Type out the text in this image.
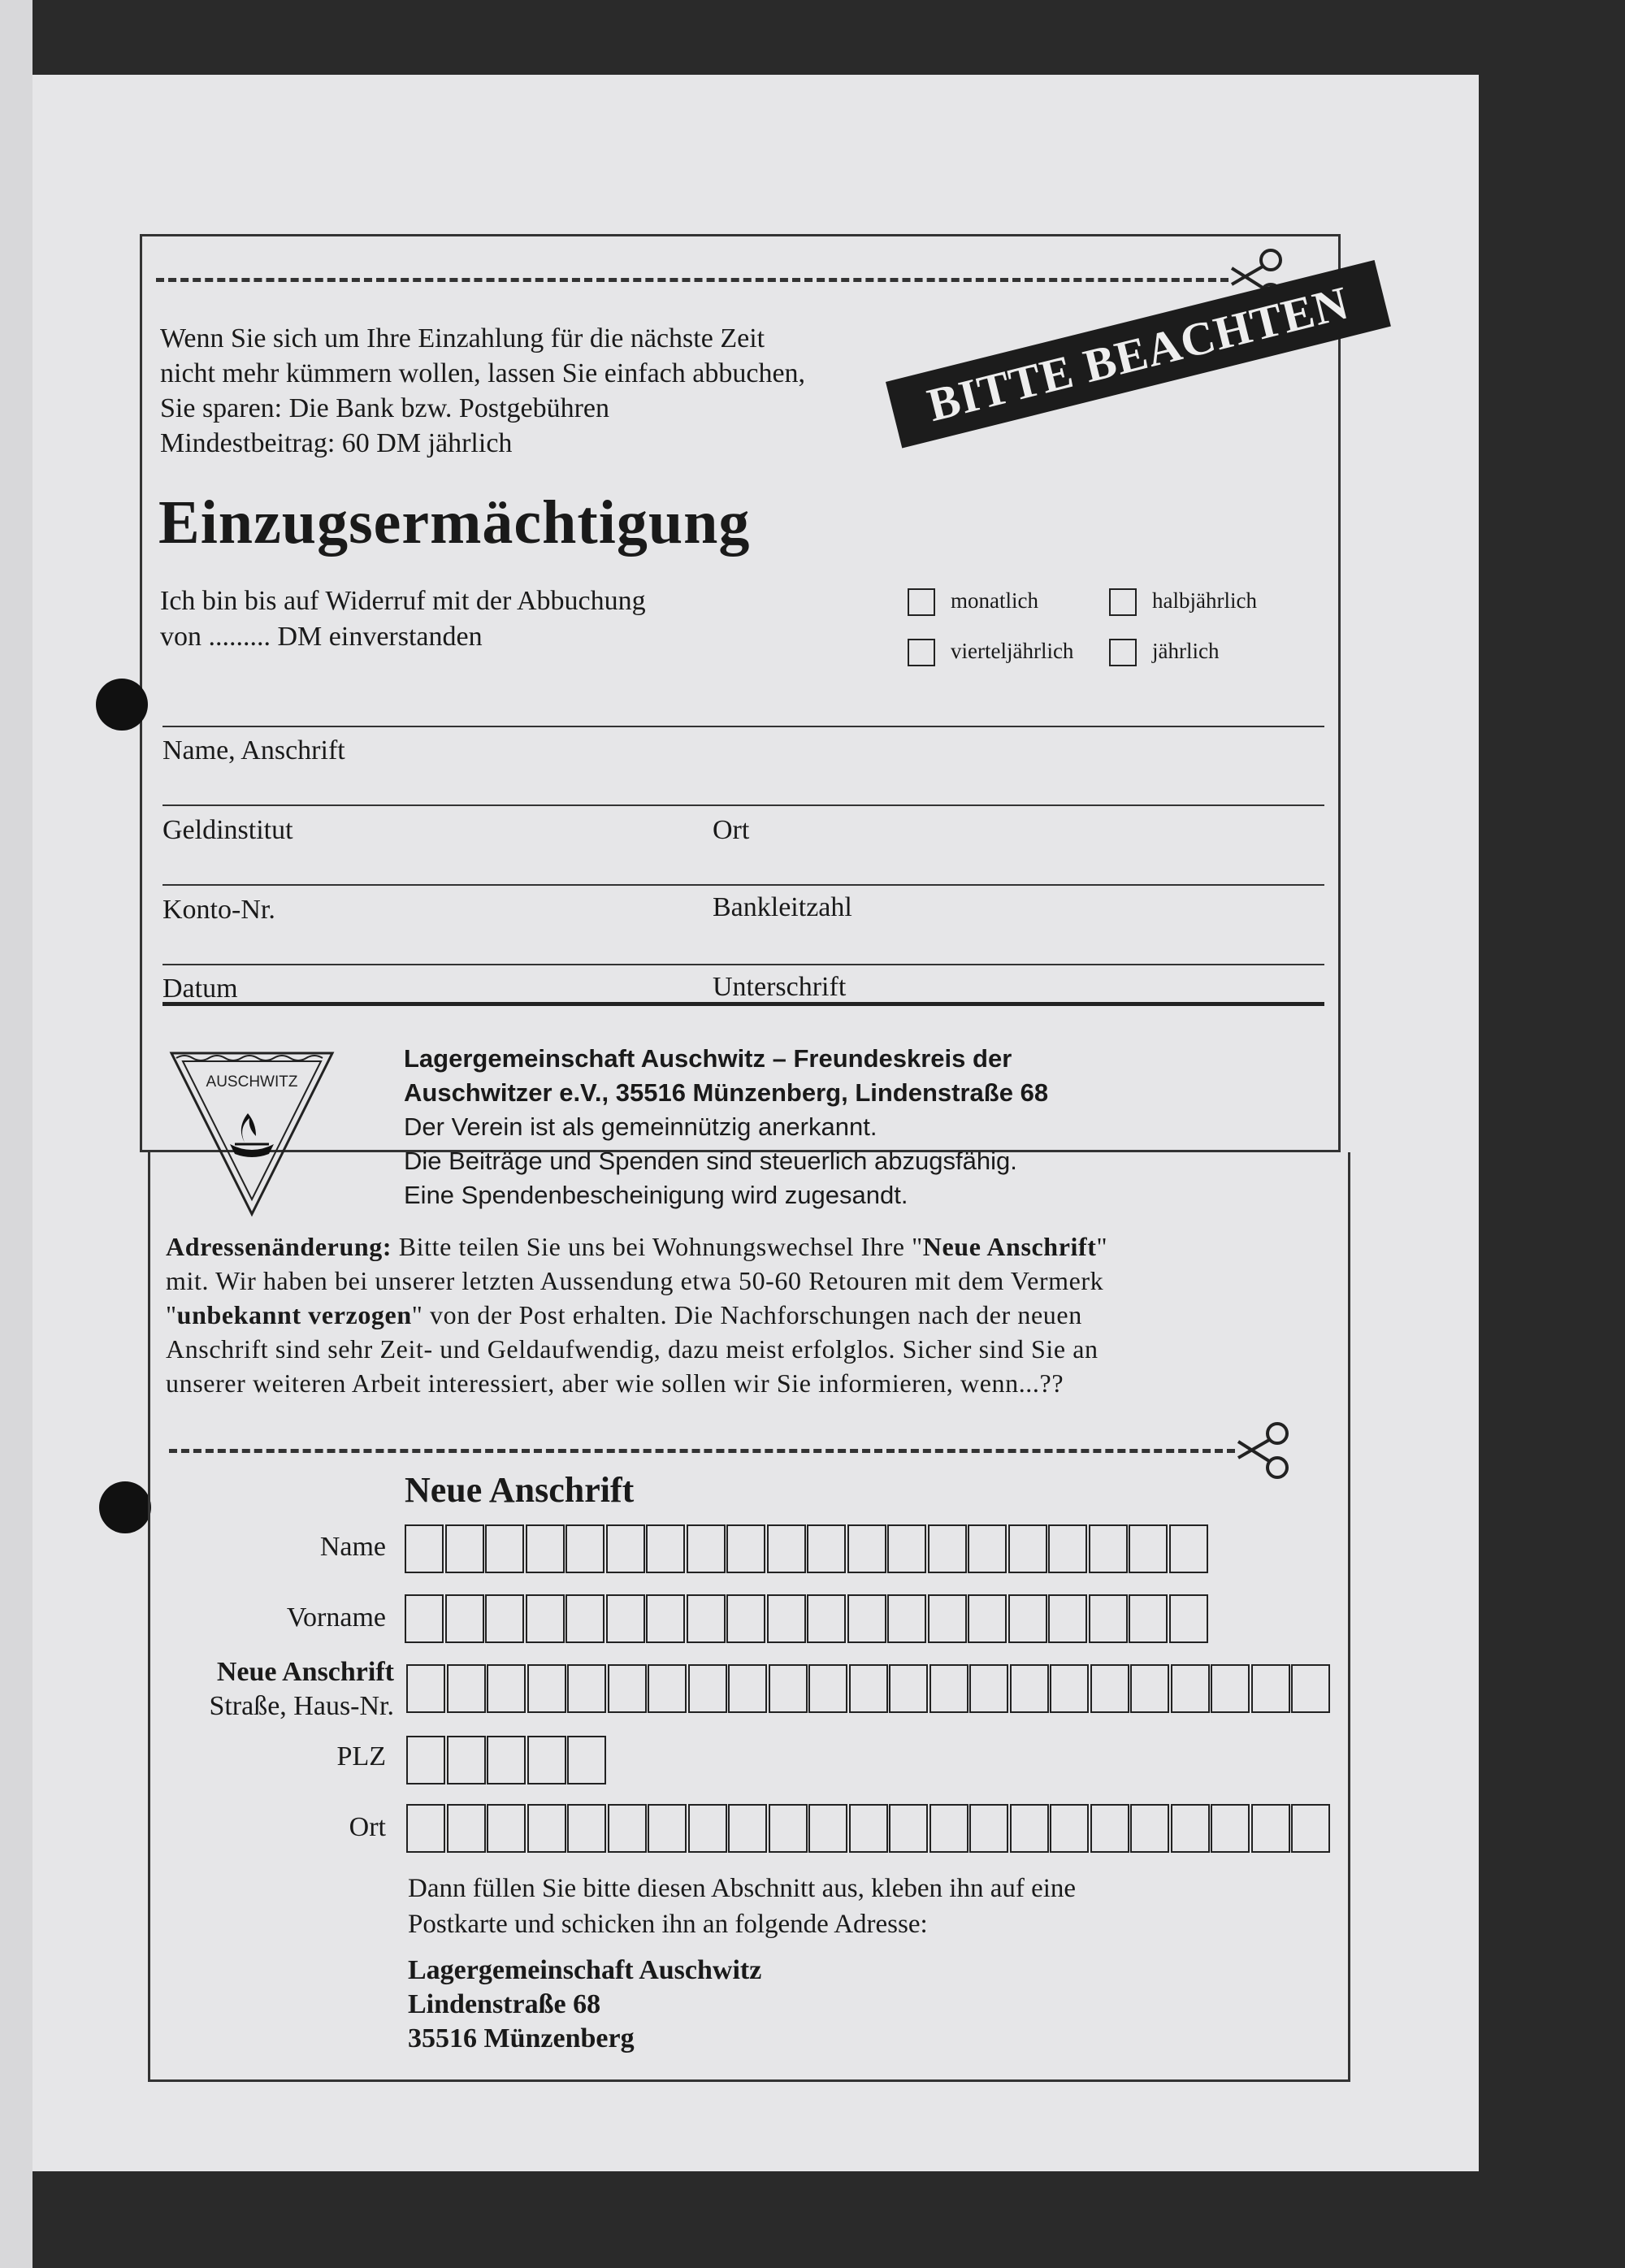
Wenn Sie sich um Ihre Einzahlung für die nächste Zeit
nicht mehr kümmern wollen, lassen Sie einfach abbuchen,
Sie sparen: Die Bank bzw. Postgebühren
Mindestbeitrag: 60 DM jährlich
BITTE BEACHTEN
Einzugsermächtigung
Ich bin bis auf Widerruf mit der Abbuchung
von ......... DM einverstanden
monatlich	halbjährlich
vierteljährlich	jährlich
Name, Anschrift
Geldinstitut	Ort
Konto-Nr.	Bankleitzahl
Datum	Unterschrift
AUSCHWITZ
Lagergemeinschaft Auschwitz – Freundeskreis der
Auschwitzer e.V., 35516 Münzenberg, Lindenstraße 68
Der Verein ist als gemeinnützig anerkannt.
Die Beiträge und Spenden sind steuerlich abzugsfähig.
Eine Spendenbescheinigung wird zugesandt.
Adressenänderung: Bitte teilen Sie uns bei Wohnungswechsel Ihre "Neue Anschrift"
mit. Wir haben bei unserer letzten Aussendung etwa 50-60 Retouren mit dem Vermerk
"unbekannt verzogen" von der Post erhalten. Die Nachforschungen nach der neuen
Anschrift sind sehr Zeit- und Geldaufwendig, dazu meist erfolglos. Sicher sind Sie an
unserer weiteren Arbeit interessiert, aber wie sollen wir Sie informieren, wenn...??
Neue Anschrift
Name
Vorname
Neue Anschrift
Straße, Haus-Nr.
PLZ
Ort
Dann füllen Sie bitte diesen Abschnitt aus, kleben ihn auf eine
Postkarte und schicken ihn an folgende Adresse:
Lagergemeinschaft Auschwitz
Lindenstraße 68
35516 Münzenberg
